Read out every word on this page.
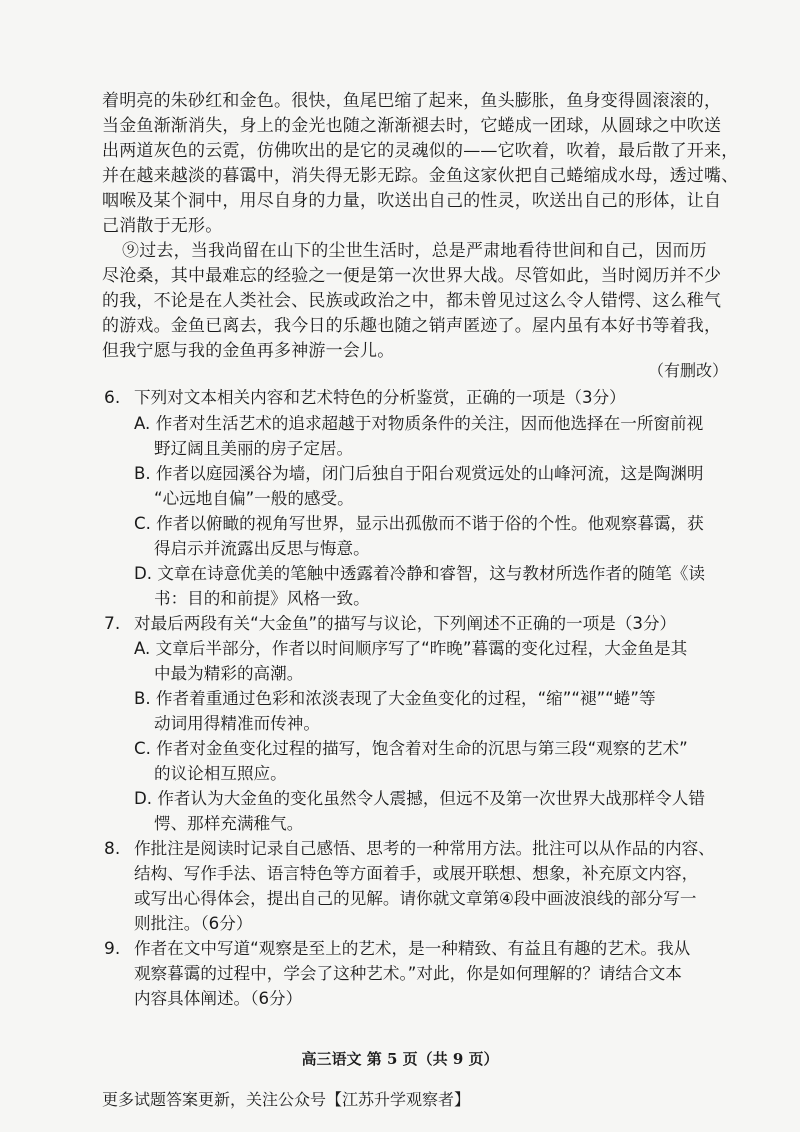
着明亮的朱砂红和金色。很快，鱼尾巴缩了起来，鱼头膨胀，鱼身变得圆滚滚的，
当金鱼渐渐消失，身上的金光也随之渐渐褪去时，它蜷成一团球，从圆球之中吹送
出两道灰色的云霓，仿佛吹出的是它的灵魂似的——它吹着，吹着，最后散了开来，
并在越来越淡的暮霭中，消失得无影无踪。金鱼这家伙把自己蜷缩成水母，透过嘴、
咽喉及某个洞中，用尽自身的力量，吹送出自己的性灵，吹送出自己的形体，让自
己消散于无形。
⑨过去，当我尚留在山下的尘世生活时，总是严肃地看待世间和自己，因而历
尽沧桑，其中最难忘的经验之一便是第一次世界大战。尽管如此，当时阅历并不少
的我，不论是在人类社会、民族或政治之中，都未曾见过这么令人错愕、这么稚气
的游戏。金鱼已离去，我今日的乐趣也随之销声匿迹了。屋内虽有本好书等着我，
但我宁愿与我的金鱼再多神游一会儿。
（有删改）
6. 下列对文本相关内容和艺术特色的分析鉴赏，正确的一项是（3分）
A. 作者对生活艺术的追求超越于对物质条件的关注，因而他选择在一所窗前视
野辽阔且美丽的房子定居。
B. 作者以庭园溪谷为墙，闭门后独自于阳台观赏远处的山峰河流，这是陶渊明
“心远地自偏”一般的感受。
C. 作者以俯瞰的视角写世界，显示出孤傲而不谐于俗的个性。他观察暮霭，获
得启示并流露出反思与悔意。
D. 文章在诗意优美的笔触中透露着冷静和睿智，这与教材所选作者的随笔《读
书：目的和前提》风格一致。
7. 对最后两段有关“大金鱼”的描写与议论，下列阐述不正确的一项是（3分）
A. 文章后半部分，作者以时间顺序写了“昨晚”暮霭的变化过程，大金鱼是其
中最为精彩的高潮。
B. 作者着重通过色彩和浓淡表现了大金鱼变化的过程，“缩”“褪”“蜷”等
动词用得精准而传神。
C. 作者对金鱼变化过程的描写，饱含着对生命的沉思与第三段“观察的艺术”
的议论相互照应。
D. 作者认为大金鱼的变化虽然令人震撼，但远不及第一次世界大战那样令人错
愕、那样充满稚气。
8. 作批注是阅读时记录自己感悟、思考的一种常用方法。批注可以从作品的内容、
结构、写作手法、语言特色等方面着手，或展开联想、想象，补充原文内容，
或写出心得体会，提出自己的见解。请你就文章第④段中画波浪线的部分写一
则批注。（6分）
9. 作者在文中写道“观察是至上的艺术，是一种精致、有益且有趣的艺术。我从
观察暮霭的过程中，学会了这种艺术。”对此，你是如何理解的？请结合文本
内容具体阐述。（6分）
高三语文 第 5 页（共 9 页）
更多试题答案更新，关注公众号【江苏升学观察者】
